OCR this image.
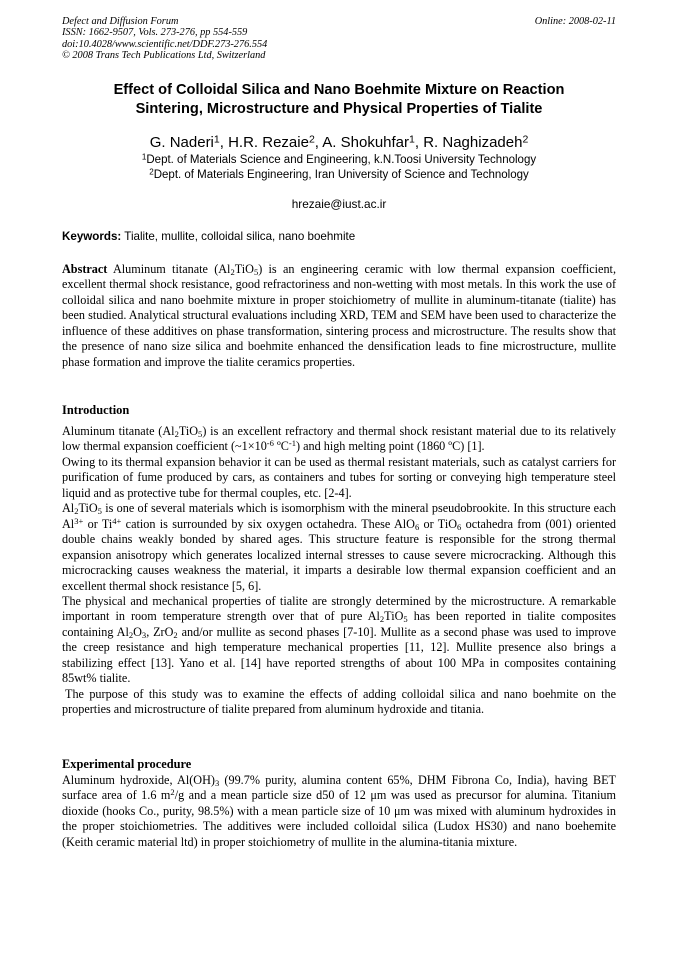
Defect and Diffusion Forum
ISSN: 1662-9507, Vols. 273-276, pp 554-559
doi:10.4028/www.scientific.net/DDF.273-276.554
© 2008 Trans Tech Publications Ltd, Switzerland
Online: 2008-02-11
Effect of Colloidal Silica and Nano Boehmite Mixture on Reaction
Sintering, Microstructure and Physical Properties of Tialite
G. Naderi$^1$, H.R. Rezaie$^2$, A. Shokuhfar$^1$, R. Naghizadeh$^2$
$^1$Dept. of Materials Science and Engineering, k.N.Toosi University Technology
$^2$Dept. of Materials Engineering, Iran University of Science and Technology
hrezaie@iust.ac.ir
Keywords: Tialite, mullite, colloidal silica, nano boehmite
Abstract Aluminum titanate $(Al_2TiO_5)$ is an engineering ceramic with low thermal expansion coefficient, excellent thermal shock resistance, good refractoriness and non-wetting with most metals. In this work the use of colloidal silica and nano boehmite mixture in proper stoichiometry of mullite in aluminum-titanate (tialite) has been studied. Analytical structural evaluations including XRD, TEM and SEM have been used to characterize the influence of these additives on phase transformation, sintering process and microstructure. The results show that the presence of nano size silica and boehmite enhanced the densification leads to fine microstructure, mullite phase formation and improve the tialite ceramics properties.
Introduction

Aluminum titanate $(Al_2TiO_5)$ is an excellent refractory and thermal shock resistant material due to its relatively low thermal expansion coefficient ($\sim 1\times 10^{-6}$ ºC$^{-1}$) and high melting point (1860 ºC) [1].

Owing to its thermal expansion behavior it can be used as thermal resistant materials, such as catalyst carriers for purification of fume produced by cars, as containers and tubes for sorting or conveying high temperature steel liquid and as protective tube for thermal couples, etc. [2-4].

$Al_2TiO_5$ is one of several materials which is isomorphism with the mineral pseudobrookite. In this structure each $Al^{3+}$ or $Ti^{4+}$ cation is surrounded by six oxygen octahedra. These AlO$_6$ or TiO$_6$ octahedra from (001) oriented double chains weakly bonded by shared ages. This structure feature is responsible for the strong thermal expansion anisotropy which generates localized internal stresses to cause severe microcracking. Although this microcracking causes weakness the material, it imparts a desirable low thermal expansion coefficient and an excellent thermal shock resistance [5, 6].

The physical and mechanical properties of tialite are strongly determined by the microstructure. A remarkable important in room temperature strength over that of pure $Al_2TiO_5$ has been reported in tialite composites containing $Al_2O_3$, ZrO$_2$ and/or mullite as second phases [7-10]. Mullite as a second phase was used to improve the creep resistance and high temperature mechanical properties [11, 12]. Mullite presence also brings a stabilizing effect [13]. Yano et al. [14] have reported strengths of about 100 MPa in composites containing 85wt% tialite.

The purpose of this study was to examine the effects of adding colloidal silica and nano boehmite on the properties and microstructure of tialite prepared from aluminum hydroxide and titania.

Experimental procedure

Aluminum hydroxide, $Al(OH)_3$ (99.7% purity, alumina content 65%, DHM Fibrona Co, India), having BET surface area of 1.6 $m^2/g$ and a mean particle size d50 of 12 μm was used as precursor for alumina. Titanium dioxide (hooks Co., purity, 98.5%) with a mean particle size of 10 μm was mixed with aluminum hydroxides in the proper stoichiometries. The additives were included colloidal silica (Ludox HS30) and nano boehemite (Keith ceramic material ltd) in proper stoichiometry of mullite in the alumina-titania mixture.
